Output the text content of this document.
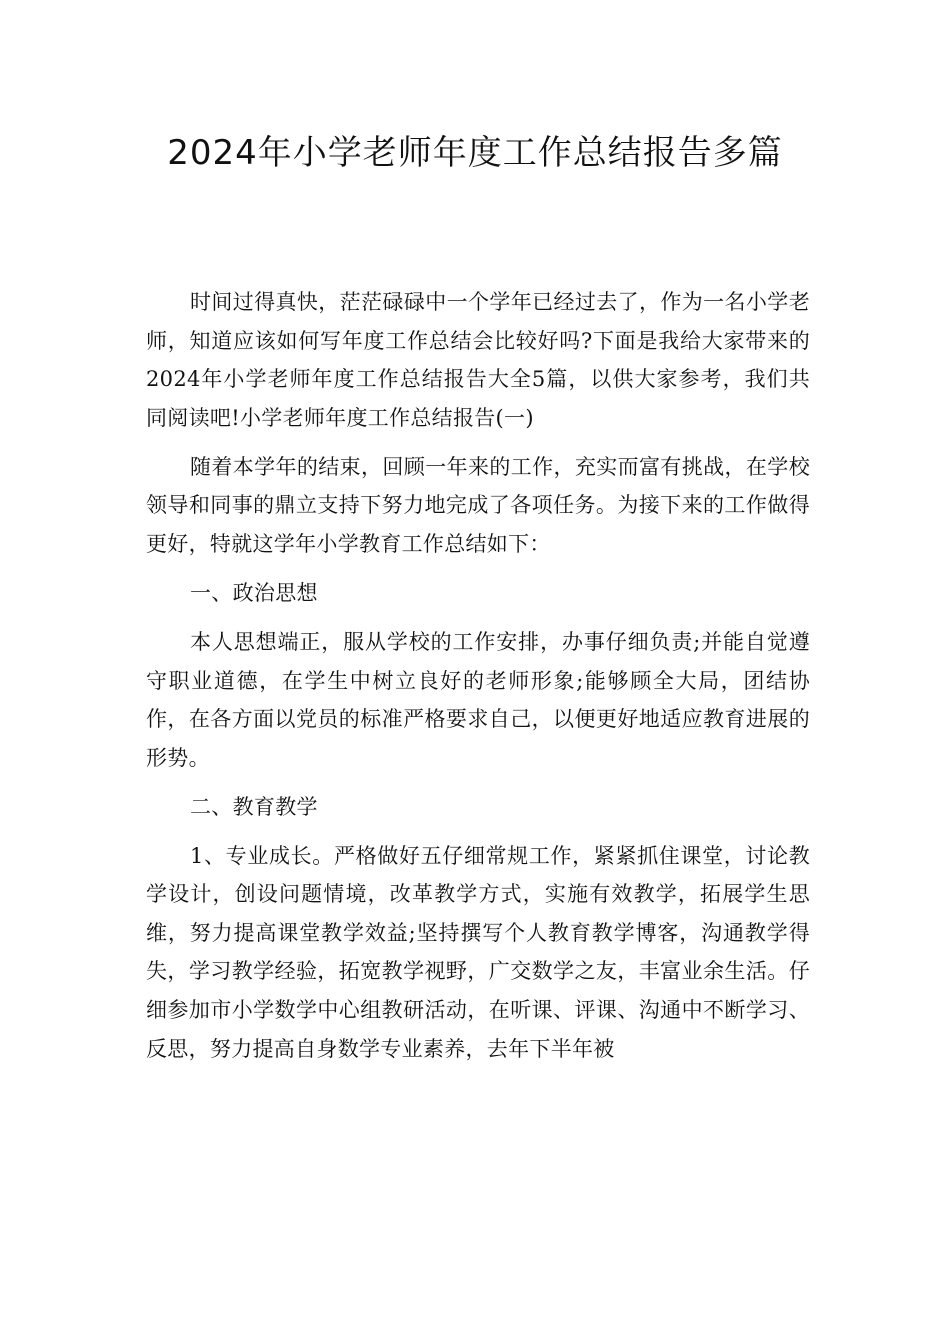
2024年小学老师年度工作总结报告多篇

时间过得真快，茫茫碌碌中一个学年已经过去了，作为一名小学老师，知道应该如何写年度工作总结会比较好吗?下面是我给大家带来的2024年小学老师年度工作总结报告大全5篇，以供大家参考，我们共同阅读吧!小学老师年度工作总结报告(一)

随着本学年的结束，回顾一年来的工作，充实而富有挑战，在学校领导和同事的鼎立支持下努力地完成了各项任务。为接下来的工作做得更好，特就这学年小学教育工作总结如下：

一、政治思想

本人思想端正，服从学校的工作安排，办事仔细负责;并能自觉遵守职业道德，在学生中树立良好的老师形象;能够顾全大局，团结协作，在各方面以党员的标准严格要求自己，以便更好地适应教育进展的形势。

二、教育教学

1、专业成长。严格做好五仔细常规工作，紧紧抓住课堂，讨论教学设计，创设问题情境，改革教学方式，实施有效教学，拓展学生思维，努力提高课堂教学效益;坚持撰写个人教育教学博客，沟通教学得失，学习教学经验，拓宽教学视野，广交数学之友，丰富业余生活。仔细参加市小学数学中心组教研活动，在听课、评课、沟通中不断学习、反思，努力提高自身数学专业素养，去年下半年被
